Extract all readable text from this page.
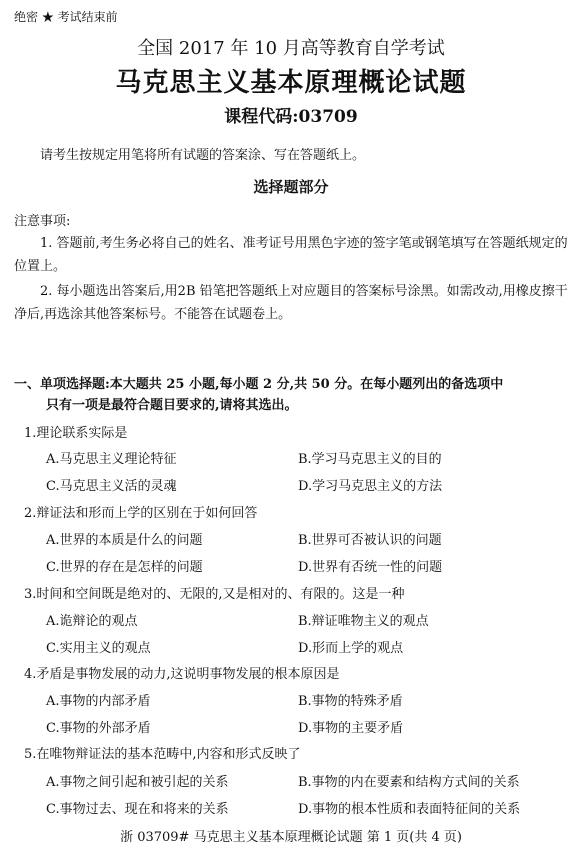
绝密 ★ 考试结束前
全国 2017 年 10 月高等教育自学考试
马克思主义基本原理概论试题
课程代码:03709
请考生按规定用笔将所有试题的答案涂、写在答题纸上。
选择题部分
注意事项:
1. 答题前,考生务必将自己的姓名、准考证号用黑色字迹的签字笔或钢笔填写在答题纸规定的位置上。
2. 每小题选出答案后,用2B 铅笔把答题纸上对应题目的答案标号涂黑。如需改动,用橡皮擦干净后,再选涂其他答案标号。不能答在试题卷上。
一、单项选择题:本大题共 25 小题,每小题 2 分,共 50 分。在每小题列出的备选项中
只有一项是最符合题目要求的,请将其选出。
1.理论联系实际是
A.马克思主义理论特征	B.学习马克思主义的目的
C.马克思主义活的灵魂	D.学习马克思主义的方法
2.辩证法和形而上学的区别在于如何回答
A.世界的本质是什么的问题	B.世界可否被认识的问题
C.世界的存在是怎样的问题	D.世界有否统一性的问题
3.时间和空间既是绝对的、无限的,又是相对的、有限的。这是一种
A.诡辩论的观点	B.辩证唯物主义的观点
C.实用主义的观点	D.形而上学的观点
4.矛盾是事物发展的动力,这说明事物发展的根本原因是
A.事物的内部矛盾	B.事物的特殊矛盾
C.事物的外部矛盾	D.事物的主要矛盾
5.在唯物辩证法的基本范畴中,内容和形式反映了
A.事物之间引起和被引起的关系	B.事物的内在要素和结构方式间的关系
C.事物过去、现在和将来的关系	D.事物的根本性质和表面特征间的关系
浙 03709# 马克思主义基本原理概论试题 第 1 页(共 4 页)
